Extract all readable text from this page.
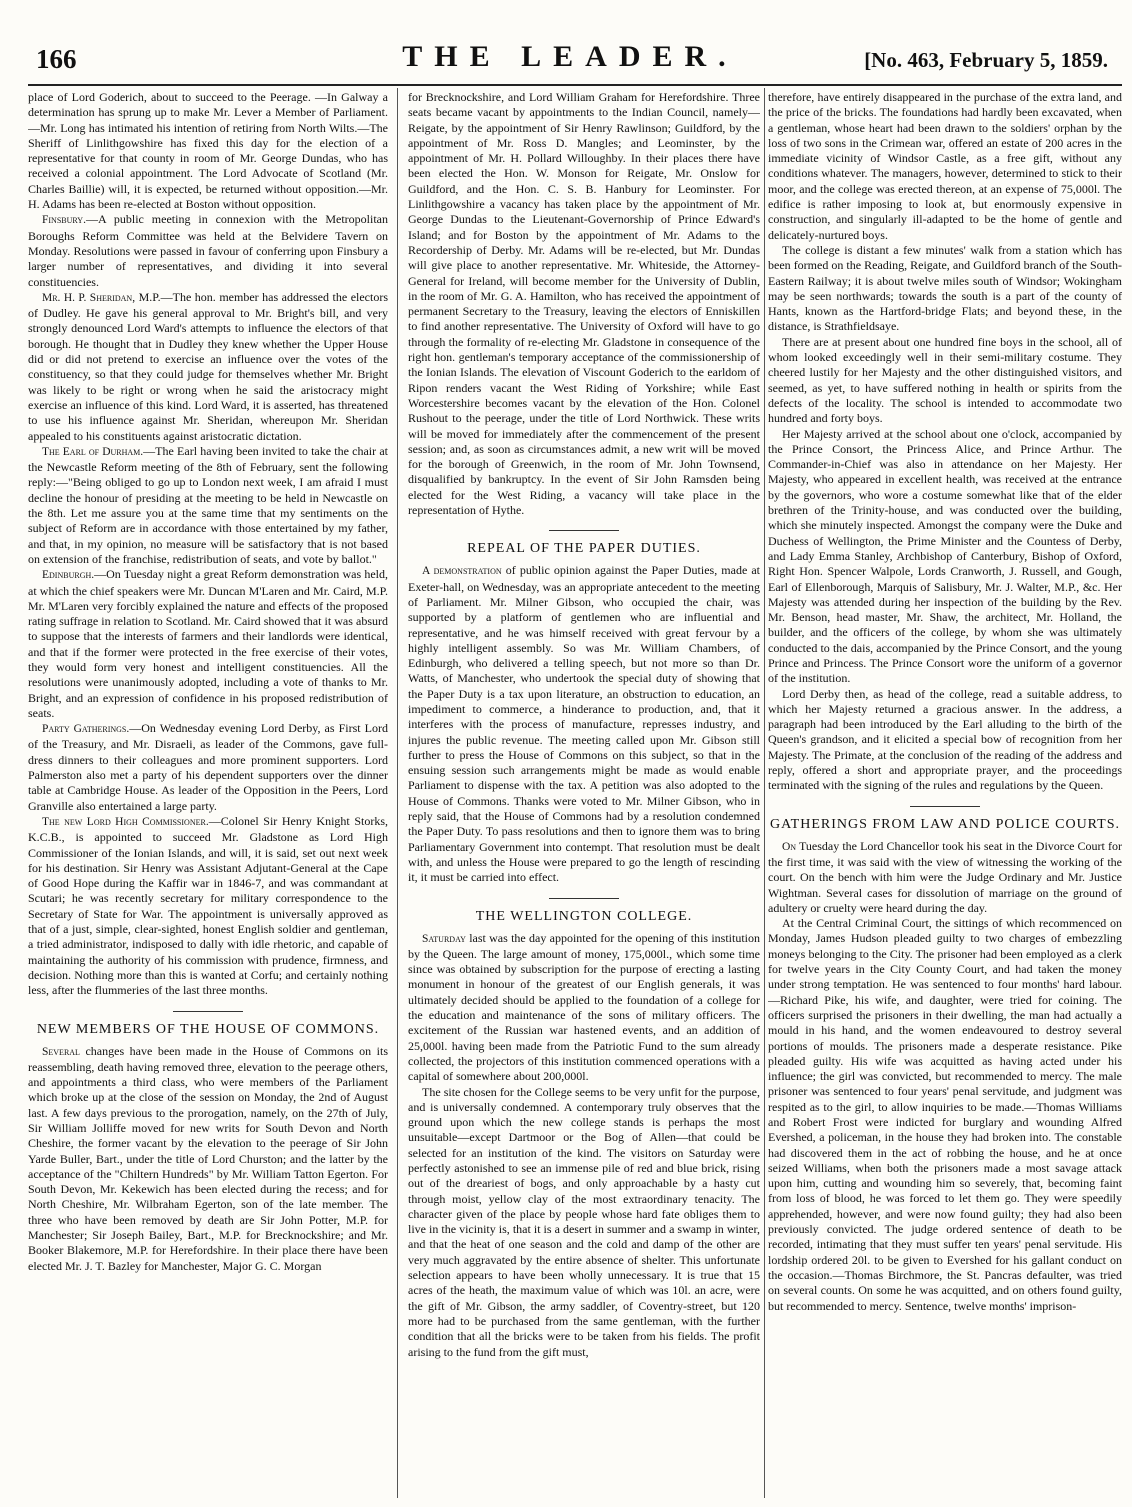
166	THE LEADER.	[No. 463, February 5, 1859.

place of Lord Goderich, about to succeed to the Peerage. —In Galway a determination has sprung up to make Mr. Lever a Member of Parliament.—Mr. Long has intimated his intention of retiring from North Wilts.—The Sheriff of Linlithgowshire has fixed this day for the election of a representative for that county in room of Mr. George Dundas, who has received a colonial appointment. The Lord Advocate of Scotland (Mr. Charles Baillie) will, it is expected, be returned without opposition.—Mr. H. Adams has been re-elected at Boston without opposition.

Finsbury.—A public meeting in connexion with the Metropolitan Boroughs Reform Committee was held at the Belvidere Tavern on Monday. Resolutions were passed in favour of conferring upon Finsbury a larger number of representatives, and dividing it into several constituencies.

Mr. H. P. Sheridan, M.P.—The hon. member has addressed the electors of Dudley. He gave his general approval to Mr. Bright's bill, and very strongly denounced Lord Ward's attempts to influence the electors of that borough. He thought that in Dudley they knew whether the Upper House did or did not pretend to exercise an influence over the votes of the constituency, so that they could judge for themselves whether Mr. Bright was likely to be right or wrong when he said the aristocracy might exercise an influence of this kind. Lord Ward, it is asserted, has threatened to use his influence against Mr. Sheridan, whereupon Mr. Sheridan appealed to his constituents against aristocratic dictation.

The Earl of Durham.—The Earl having been invited to take the chair at the Newcastle Reform meeting of the 8th of February, sent the following reply:—"Being obliged to go up to London next week, I am afraid I must decline the honour of presiding at the meeting to be held in Newcastle on the 8th. Let me assure you at the same time that my sentiments on the subject of Reform are in accordance with those entertained by my father, and that, in my opinion, no measure will be satisfactory that is not based on extension of the franchise, redistribution of seats, and vote by ballot."

Edinburgh.—On Tuesday night a great Reform demonstration was held, at which the chief speakers were Mr. Duncan M'Laren and Mr. Caird, M.P. Mr. M'Laren very forcibly explained the nature and effects of the proposed rating suffrage in relation to Scotland. Mr. Caird showed that it was absurd to suppose that the interests of farmers and their landlords were identical, and that if the former were protected in the free exercise of their votes, they would form very honest and intelligent constituencies. All the resolutions were unanimously adopted, including a vote of thanks to Mr. Bright, and an expression of confidence in his proposed redistribution of seats.

Party Gatherings.—On Wednesday evening Lord Derby, as First Lord of the Treasury, and Mr. Disraeli, as leader of the Commons, gave full-dress dinners to their colleagues and more prominent supporters. Lord Palmerston also met a party of his dependent supporters over the dinner table at Cambridge House. As leader of the Opposition in the Peers, Lord Granville also entertained a large party.

The new Lord High Commissioner.—Colonel Sir Henry Knight Storks, K.C.B., is appointed to succeed Mr. Gladstone as Lord High Commissioner of the Ionian Islands, and will, it is said, set out next week for his destination. Sir Henry was Assistant Adjutant-General at the Cape of Good Hope during the Kaffir war in 1846-7, and was commandant at Scutari; he was recently secretary for military correspondence to the Secretary of State for War. The appointment is universally approved as that of a just, simple, clear-sighted, honest English soldier and gentleman, a tried administrator, indisposed to dally with idle rhetoric, and capable of maintaining the authority of his commission with prudence, firmness, and decision. Nothing more than this is wanted at Corfu; and certainly nothing less, after the flummeries of the last three months.

NEW MEMBERS OF THE HOUSE OF COMMONS.

Several changes have been made in the House of Commons on its reassembling, death having removed three, elevation to the peerage others, and appointments a third class, who were members of the Parliament which broke up at the close of the session on Monday, the 2nd of August last. A few days previous to the prorogation, namely, on the 27th of July, Sir William Jolliffe moved for new writs for South Devon and North Cheshire, the former vacant by the elevation to the peerage of Sir John Yarde Buller, Bart., under the title of Lord Churston; and the latter by the acceptance of the "Chiltern Hundreds" by Mr. William Tatton Egerton. For South Devon, Mr. Kekewich has been elected during the recess; and for North Cheshire, Mr. Wilbraham Egerton, son of the late member. The three who have been removed by death are Sir John Potter, M.P. for Manchester; Sir Joseph Bailey, Bart., M.P. for Brecknockshire; and Mr. Booker Blakemore, M.P. for Herefordshire. In their place there have been elected Mr. J. T. Bazley for Manchester, Major G. C. Morgan

for Brecknockshire, and Lord William Graham for Herefordshire. Three seats became vacant by appointments to the Indian Council, namely—Reigate, by the appointment of Sir Henry Rawlinson; Guildford, by the appointment of Mr. Ross D. Mangles; and Leominster, by the appointment of Mr. H. Pollard Willoughby. In their places there have been elected the Hon. W. Monson for Reigate, Mr. Onslow for Guildford, and the Hon. C. S. B. Hanbury for Leominster. For Linlithgowshire a vacancy has taken place by the appointment of Mr. George Dundas to the Lieutenant-Governorship of Prince Edward's Island; and for Boston by the appointment of Mr. Adams to the Recordership of Derby. Mr. Adams will be re-elected, but Mr. Dundas will give place to another representative. Mr. Whiteside, the Attorney-General for Ireland, will become member for the University of Dublin, in the room of Mr. G. A. Hamilton, who has received the appointment of permanent Secretary to the Treasury, leaving the electors of Enniskillen to find another representative. The University of Oxford will have to go through the formality of re-electing Mr. Gladstone in consequence of the right hon. gentleman's temporary acceptance of the commissionership of the Ionian Islands. The elevation of Viscount Goderich to the earldom of Ripon renders vacant the West Riding of Yorkshire; while East Worcestershire becomes vacant by the elevation of the Hon. Colonel Rushout to the peerage, under the title of Lord Northwick. These writs will be moved for immediately after the commencement of the present session; and, as soon as circumstances admit, a new writ will be moved for the borough of Greenwich, in the room of Mr. John Townsend, disqualified by bankruptcy. In the event of Sir John Ramsden being elected for the West Riding, a vacancy will take place in the representation of Hythe.

REPEAL OF THE PAPER DUTIES.

A demonstration of public opinion against the Paper Duties, made at Exeter-hall, on Wednesday, was an appropriate antecedent to the meeting of Parliament. Mr. Milner Gibson, who occupied the chair, was supported by a platform of gentlemen who are influential and representative, and he was himself received with great fervour by a highly intelligent assembly. So was Mr. William Chambers, of Edinburgh, who delivered a telling speech, but not more so than Dr. Watts, of Manchester, who undertook the special duty of showing that the Paper Duty is a tax upon literature, an obstruction to education, an impediment to commerce, a hinderance to production, and, that it interferes with the process of manufacture, represses industry, and injures the public revenue. The meeting called upon Mr. Gibson still further to press the House of Commons on this subject, so that in the ensuing session such arrangements might be made as would enable Parliament to dispense with the tax. A petition was also adopted to the House of Commons. Thanks were voted to Mr. Milner Gibson, who in reply said, that the House of Commons had by a resolution condemned the Paper Duty. To pass resolutions and then to ignore them was to bring Parliamentary Government into contempt. That resolution must be dealt with, and unless the House were prepared to go the length of rescinding it, it must be carried into effect.

THE WELLINGTON COLLEGE.

Saturday last was the day appointed for the opening of this institution by the Queen. The large amount of money, 175,000l., which some time since was obtained by subscription for the purpose of erecting a lasting monument in honour of the greatest of our English generals, it was ultimately decided should be applied to the foundation of a college for the education and maintenance of the sons of military officers. The excitement of the Russian war hastened events, and an addition of 25,000l. having been made from the Patriotic Fund to the sum already collected, the projectors of this institution commenced operations with a capital of somewhere about 200,000l.

The site chosen for the College seems to be very unfit for the purpose, and is universally condemned. A contemporary truly observes that the ground upon which the new college stands is perhaps the most unsuitable—except Dartmoor or the Bog of Allen—that could be selected for an institution of the kind. The visitors on Saturday were perfectly astonished to see an immense pile of red and blue brick, rising out of the dreariest of bogs, and only approachable by a hasty cut through moist, yellow clay of the most extraordinary tenacity. The character given of the place by people whose hard fate obliges them to live in the vicinity is, that it is a desert in summer and a swamp in winter, and that the heat of one season and the cold and damp of the other are very much aggravated by the entire absence of shelter. This unfortunate selection appears to have been wholly unnecessary. It is true that 15 acres of the heath, the maximum value of which was 10l. an acre, were the gift of Mr. Gibson, the army saddler, of Coventry-street, but 120 more had to be purchased from the same gentleman, with the further condition that all the bricks were to be taken from his fields. The profit arising to the fund from the gift must,

therefore, have entirely disappeared in the purchase of the extra land, and the price of the bricks. The foundations had hardly been excavated, when a gentleman, whose heart had been drawn to the soldiers' orphan by the loss of two sons in the Crimean war, offered an estate of 200 acres in the immediate vicinity of Windsor Castle, as a free gift, without any conditions whatever. The managers, however, determined to stick to their moor, and the college was erected thereon, at an expense of 75,000l. The edifice is rather imposing to look at, but enormously expensive in construction, and singularly ill-adapted to be the home of gentle and delicately-nurtured boys.

The college is distant a few minutes' walk from a station which has been formed on the Reading, Reigate, and Guildford branch of the South-Eastern Railway; it is about twelve miles south of Windsor; Wokingham may be seen northwards; towards the south is a part of the county of Hants, known as the Hartford-bridge Flats; and beyond these, in the distance, is Strathfieldsaye.

There are at present about one hundred fine boys in the school, all of whom looked exceedingly well in their semi-military costume. They cheered lustily for her Majesty and the other distinguished visitors, and seemed, as yet, to have suffered nothing in health or spirits from the defects of the locality. The school is intended to accommodate two hundred and forty boys.

Her Majesty arrived at the school about one o'clock, accompanied by the Prince Consort, the Princess Alice, and Prince Arthur. The Commander-in-Chief was also in attendance on her Majesty. Her Majesty, who appeared in excellent health, was received at the entrance by the governors, who wore a costume somewhat like that of the elder brethren of the Trinity-house, and was conducted over the building, which she minutely inspected. Amongst the company were the Duke and Duchess of Wellington, the Prime Minister and the Countess of Derby, and Lady Emma Stanley, Archbishop of Canterbury, Bishop of Oxford, Right Hon. Spencer Walpole, Lords Cranworth, J. Russell, and Gough, Earl of Ellenborough, Marquis of Salisbury, Mr. J. Walter, M.P., &c. Her Majesty was attended during her inspection of the building by the Rev. Mr. Benson, head master, Mr. Shaw, the architect, Mr. Holland, the builder, and the officers of the college, by whom she was ultimately conducted to the dais, accompanied by the Prince Consort, and the young Prince and Princess. The Prince Consort wore the uniform of a governor of the institution.

Lord Derby then, as head of the college, read a suitable address, to which her Majesty returned a gracious answer. In the address, a paragraph had been introduced by the Earl alluding to the birth of the Queen's grandson, and it elicited a special bow of recognition from her Majesty. The Primate, at the conclusion of the reading of the address and reply, offered a short and appropriate prayer, and the proceedings terminated with the signing of the rules and regulations by the Queen.

GATHERINGS FROM LAW AND POLICE COURTS.

On Tuesday the Lord Chancellor took his seat in the Divorce Court for the first time, it was said with the view of witnessing the working of the court. On the bench with him were the Judge Ordinary and Mr. Justice Wightman. Several cases for dissolution of marriage on the ground of adultery or cruelty were heard during the day.

At the Central Criminal Court, the sittings of which recommenced on Monday, James Hudson pleaded guilty to two charges of embezzling moneys belonging to the City. The prisoner had been employed as a clerk for twelve years in the City County Court, and had taken the money under strong temptation. He was sentenced to four months' hard labour.—Richard Pike, his wife, and daughter, were tried for coining. The officers surprised the prisoners in their dwelling, the man had actually a mould in his hand, and the women endeavoured to destroy several portions of moulds. The prisoners made a desperate resistance. Pike pleaded guilty. His wife was acquitted as having acted under his influence; the girl was convicted, but recommended to mercy. The male prisoner was sentenced to four years' penal servitude, and judgment was respited as to the girl, to allow inquiries to be made.—Thomas Williams and Robert Frost were indicted for burglary and wounding Alfred Evershed, a policeman, in the house they had broken into. The constable had discovered them in the act of robbing the house, and he at once seized Williams, when both the prisoners made a most savage attack upon him, cutting and wounding him so severely, that, becoming faint from loss of blood, he was forced to let them go. They were speedily apprehended, however, and were now found guilty; they had also been previously convicted. The judge ordered sentence of death to be recorded, intimating that they must suffer ten years' penal servitude. His lordship ordered 20l. to be given to Evershed for his gallant conduct on the occasion.—Thomas Birchmore, the St. Pancras defaulter, was tried on several counts. On some he was acquitted, and on others found guilty, but recommended to mercy. Sentence, twelve months' imprison-
